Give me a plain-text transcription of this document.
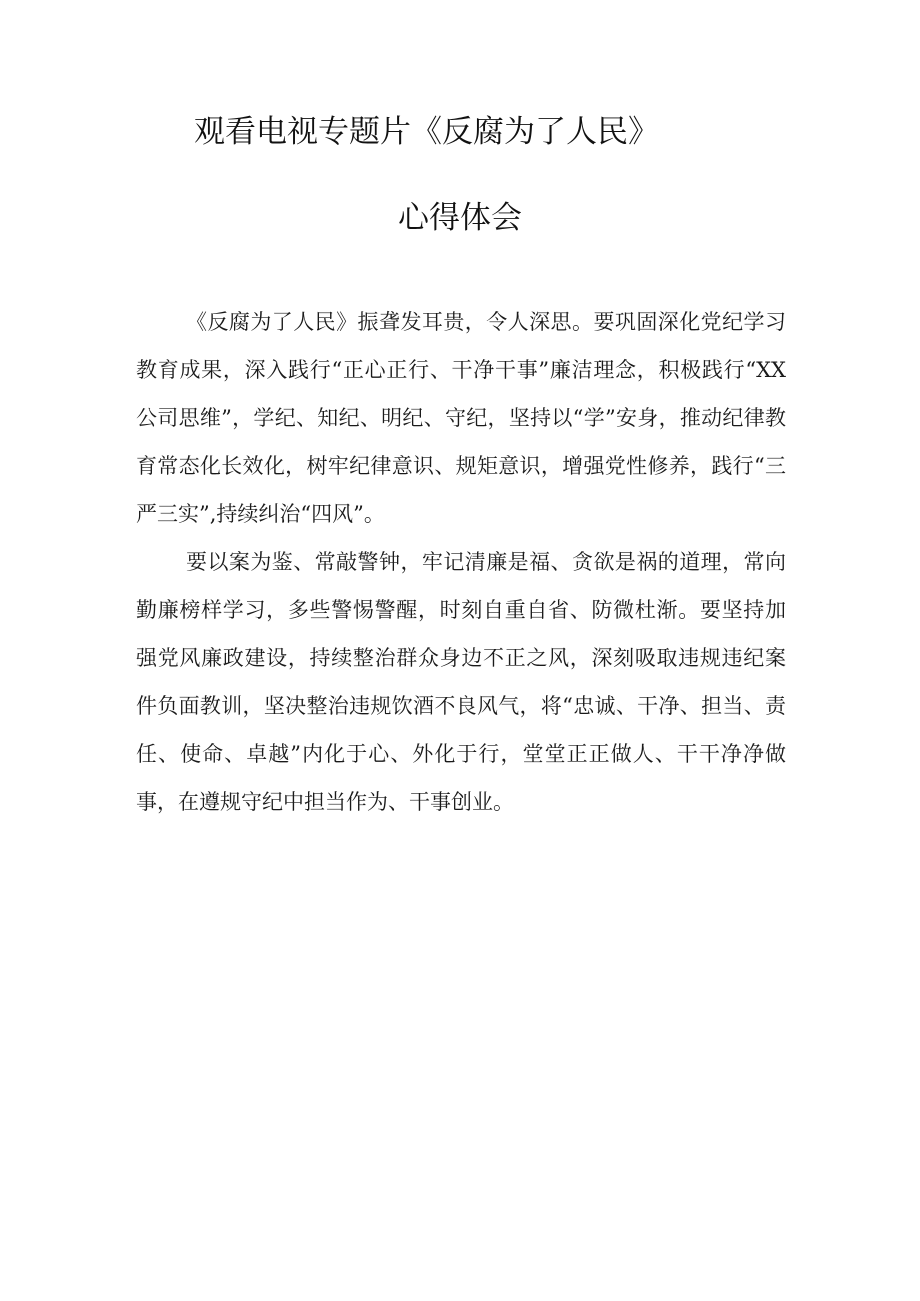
观看电视专题片《反腐为了人民》
心得体会

《反腐为了人民》振聋发耳贵，令人深思。要巩固深化党纪学习教育成果，深入践行“正心正行、干净干事”廉洁理念，积极践行“XX公司思维”，学纪、知纪、明纪、守纪，坚持以“学”安身，推动纪律教育常态化长效化，树牢纪律意识、规矩意识，增强党性修养，践行“三严三实”,持续纠治“四风”。

要以案为鉴、常敲警钟，牢记清廉是福、贪欲是祸的道理，常向勤廉榜样学习，多些警惕警醒，时刻自重自省、防微杜渐。要坚持加强党风廉政建设，持续整治群众身边不正之风，深刻吸取违规违纪案件负面教训，坚决整治违规饮酒不良风气，将“忠诚、干净、担当、责任、使命、卓越”内化于心、外化于行，堂堂正正做人、干干净净做事，在遵规守纪中担当作为、干事创业。
